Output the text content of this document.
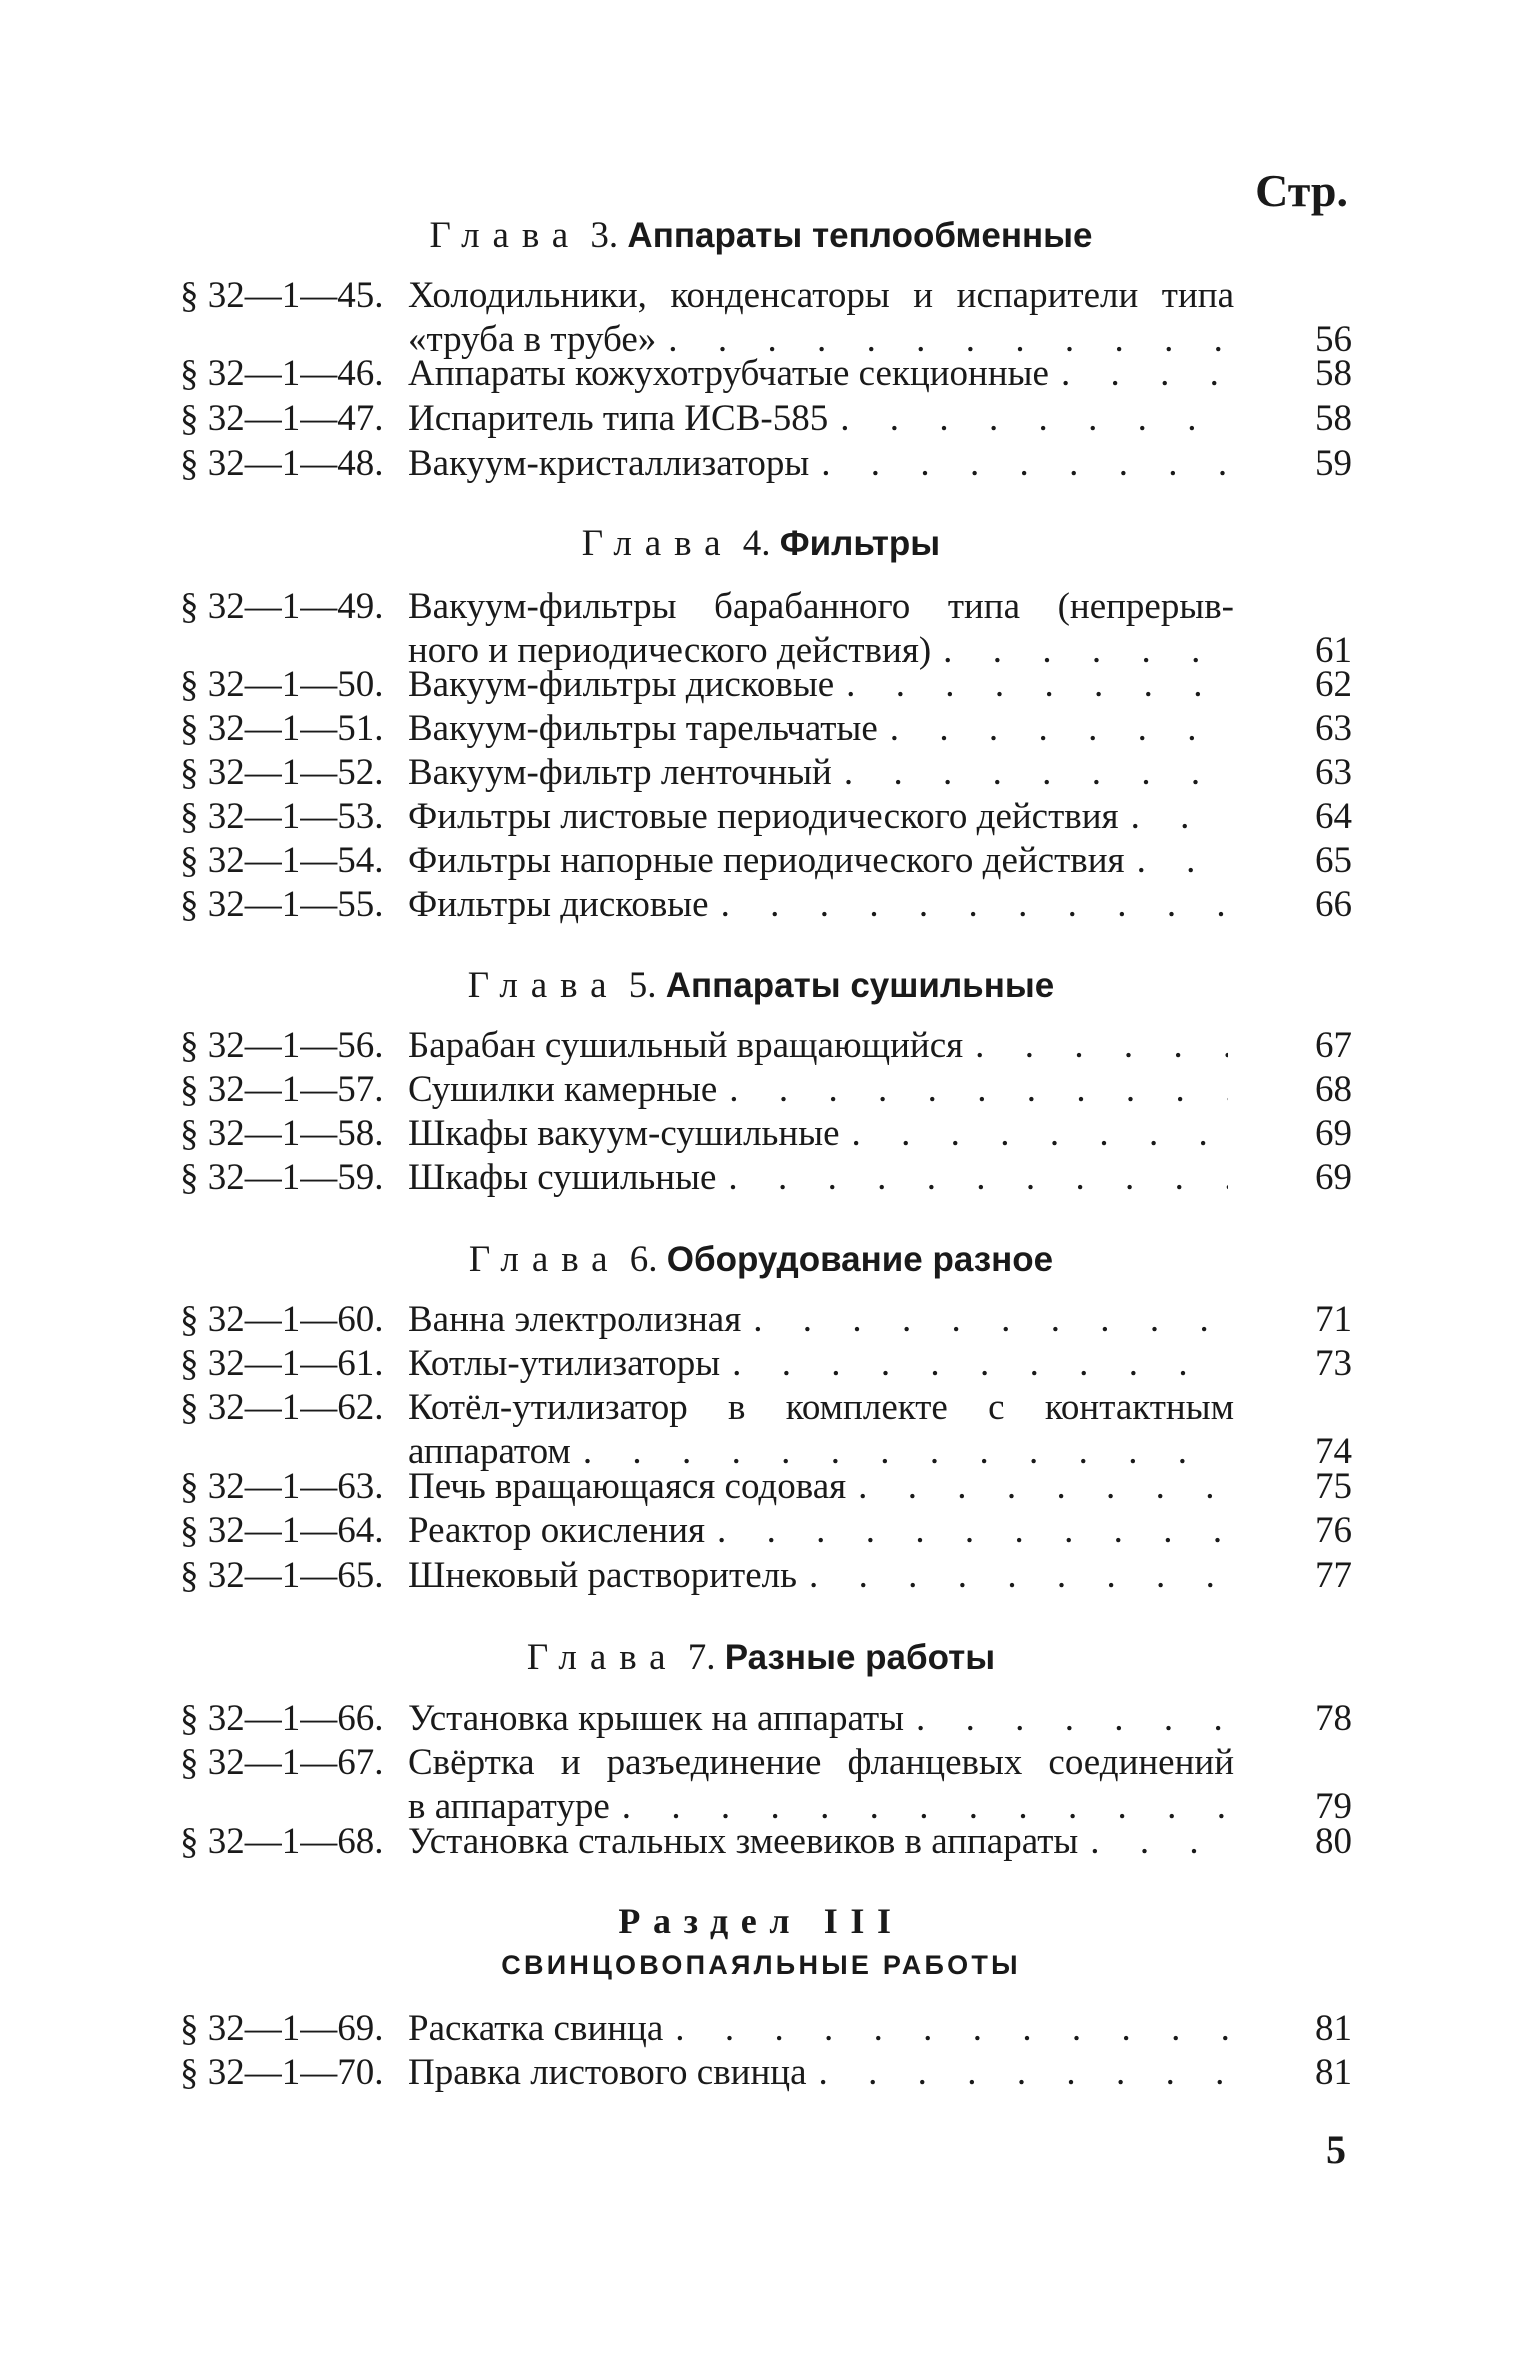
Стр.
Глава 3. Аппараты теплообменные
§ 32—1—45. Холодильники, конденсаторы и испарители типа
«труба в трубе» . . .	56
§ 32—1—46. Аппараты кожухотрубчатые секционные . . .	58
§ 32—1—47. Испаритель типа ИСВ-585 . . .	58
§ 32—1—48. Вакуум-кристаллизаторы . . .	59
Глава 4. Фильтры
§ 32—1—49. Вакуум-фильтры барабанного типа (непрерыв-
ного и периодического действия) . . .	61
§ 32—1—50. Вакуум-фильтры дисковые . . .	62
§ 32—1—51. Вакуум-фильтры тарельчатые . . .	63
§ 32—1—52. Вакуум-фильтр ленточный . . .	63
§ 32—1—53. Фильтры листовые периодического действия . . .	64
§ 32—1—54. Фильтры напорные периодического действия . . .	65
§ 32—1—55. Фильтры дисковые . . .	66
Глава 5. Аппараты сушильные
§ 32—1—56. Барабан сушильный вращающийся . . .	67
§ 32—1—57. Сушилки камерные . . .	68
§ 32—1—58. Шкафы вакуум-сушильные . . .	69
§ 32—1—59. Шкафы сушильные . . .	69
Глава 6. Оборудование разное
§ 32—1—60. Ванна электролизная . . .	71
§ 32—1—61. Котлы-утилизаторы . . .	73
§ 32—1—62. Котёл-утилизатор в комплекте с контактным
аппаратом . . .	74
§ 32—1—63. Печь вращающаяся содовая . . .	75
§ 32—1—64. Реактор окисления . . .	76
§ 32—1—65. Шнековый растворитель . . .	77
Глава 7. Разные работы
§ 32—1—66. Установка крышек на аппараты . . .	78
§ 32—1—67. Свёртка и разъединение фланцевых соединений
в аппаратуре . . .	79
§ 32—1—68. Установка стальных змеевиков в аппараты . . .	80
Раздел III
СВИНЦОВОПАЯЛЬНЫЕ РАБОТЫ
§ 32—1—69. Раскатка свинца . . .	81
§ 32—1—70. Правка листового свинца . . .	81
5
